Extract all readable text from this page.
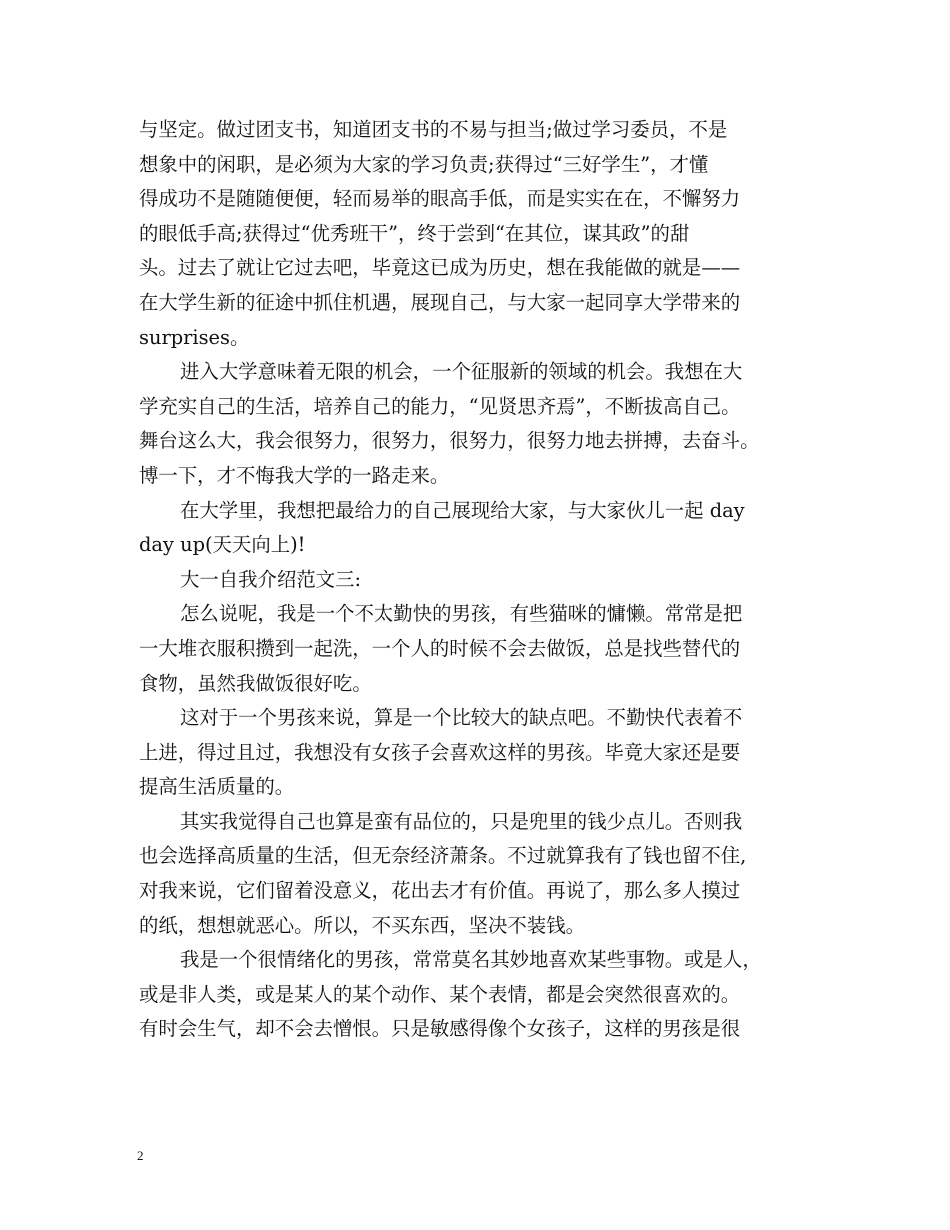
与坚定。做过团支书，知道团支书的不易与担当;做过学习委员，不是
想象中的闲职，是必须为大家的学习负责;获得过“三好学生”，才懂
得成功不是随随便便，轻而易举的眼高手低，而是实实在在，不懈努力
的眼低手高;获得过“优秀班干”，终于尝到“在其位，谋其政”的甜
头。过去了就让它过去吧，毕竟这已成为历史，想在我能做的就是——
在大学生新的征途中抓住机遇，展现自己，与大家一起同享大学带来的
surprises。

进入大学意味着无限的机会，一个征服新的领域的机会。我想在大
学充实自己的生活，培养自己的能力，“见贤思齐焉”，不断拔高自己。
舞台这么大，我会很努力，很努力，很努力，很努力地去拼搏，去奋斗。
博一下，才不悔我大学的一路走来。

在大学里，我想把最给力的自己展现给大家，与大家伙儿一起 day
day up(天天向上)!

大一自我介绍范文三:

怎么说呢，我是一个不太勤快的男孩，有些猫咪的慵懒。常常是把
一大堆衣服积攒到一起洗，一个人的时候不会去做饭，总是找些替代的
食物，虽然我做饭很好吃。

这对于一个男孩来说，算是一个比较大的缺点吧。不勤快代表着不
上进，得过且过，我想没有女孩子会喜欢这样的男孩。毕竟大家还是要
提高生活质量的。

其实我觉得自己也算是蛮有品位的，只是兜里的钱少点儿。否则我
也会选择高质量的生活，但无奈经济萧条。不过就算我有了钱也留不住,
对我来说，它们留着没意义，花出去才有价值。再说了，那么多人摸过
的纸，想想就恶心。所以，不买东西，坚决不装钱。

我是一个很情绪化的男孩，常常莫名其妙地喜欢某些事物。或是人，
或是非人类，或是某人的某个动作、某个表情，都是会突然很喜欢的。
有时会生气，却不会去憎恨。只是敏感得像个女孩子，这样的男孩是很

2
